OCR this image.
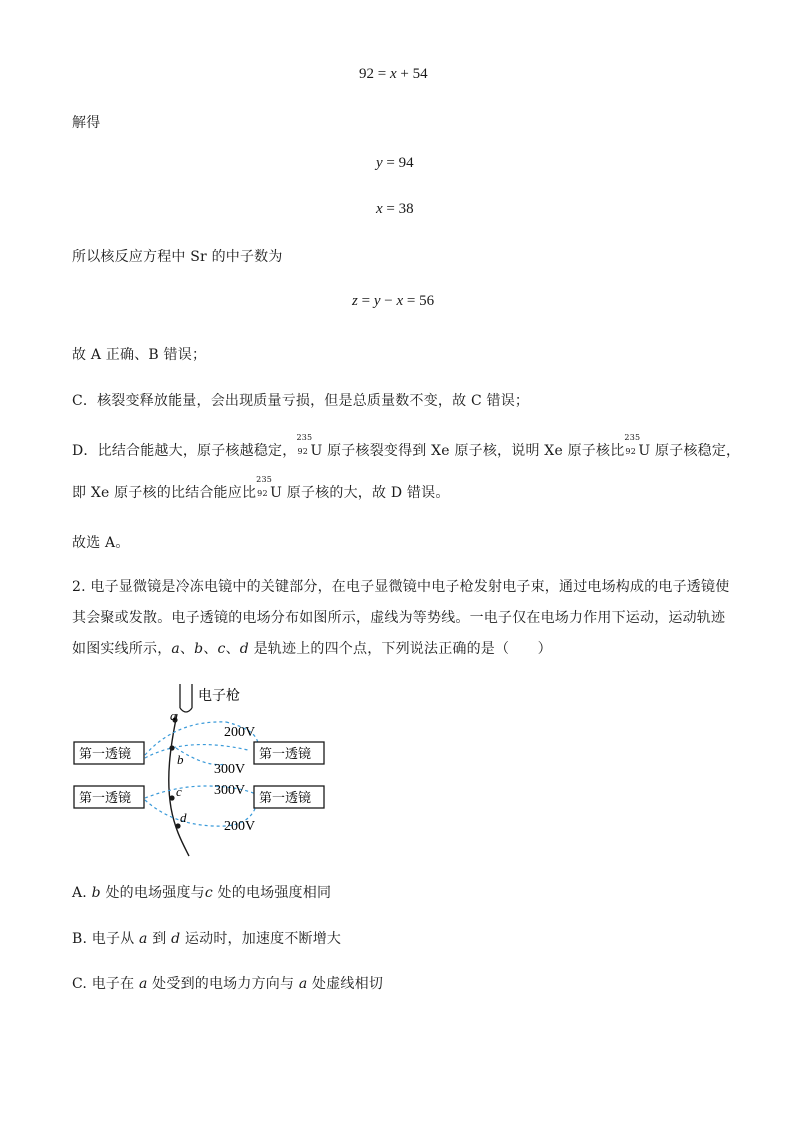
92 = x + 54
解得
y = 94
x = 38
所以核反应方程中 Sr 的中子数为
z = y − x = 56
故 A 正确、B 错误；
C．核裂变释放能量，会出现质量亏损，但是总质量数不变，故 C 错误；
D．比结合能越大，原子核越稳定，
235
92 U 原子核裂变得到 Xe 原子核，说明 Xe 原子核比
235
92 U 原子核稳定，
即 Xe 原子核的比结合能应比
235
92 U 原子核的大，故 D 错误。
故选 A。
2. 电子显微镜是冷冻电镜中的关键部分，在电子显微镜中电子枪发射电子束，通过电场构成的电子透镜使
其会聚或发散。电子透镜的电场分布如图所示，虚线为等势线。一电子仅在电场力作用下运动，运动轨迹
如图实线所示，a、b、c、d 是轨迹上的四个点，下列说法正确的是（　　）
电子枪
第一透镜	第一透镜
第一透镜	第一透镜
200V
300V
300V
200V
a
b
c
d
A. b 处的电场强度与c 处的电场强度相同
B. 电子从 a 到 d 运动时，加速度不断增大
C. 电子在 a 处受到的电场力方向与 a 处虚线相切
